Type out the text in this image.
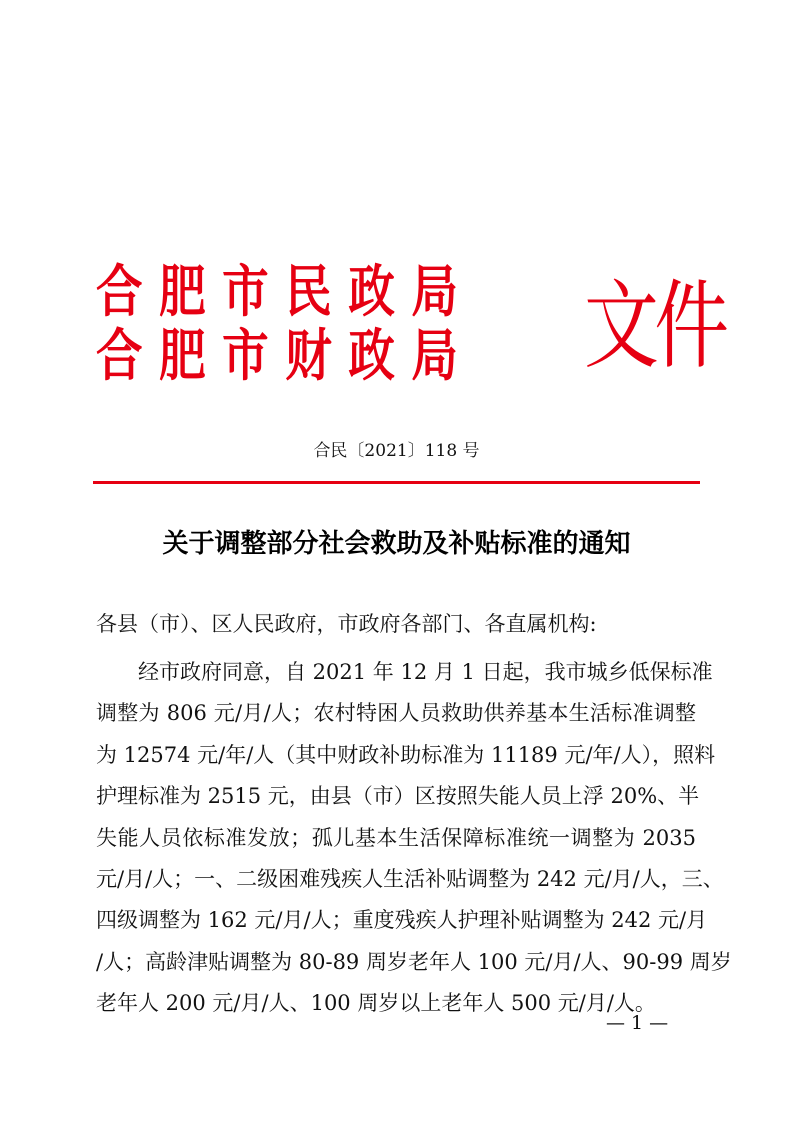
合肥市民政局
合肥市财政局 文件
合民〔2021〕118 号
关于调整部分社会救助及补贴标准的通知
各县（市）、区人民政府，市政府各部门、各直属机构:
经市政府同意，自 2021 年 12 月 1 日起，我市城乡低保标准
调整为 806 元/月/人；农村特困人员救助供养基本生活标准调整
为 12574 元/年/人（其中财政补助标准为 11189 元/年/人），照料
护理标准为 2515 元，由县（市）区按照失能人员上浮 20%、半
失能人员依标准发放；孤儿基本生活保障标准统一调整为 2035
元/月/人；一、二级困难残疾人生活补贴调整为 242 元/月/人，三、
四级调整为 162 元/月/人；重度残疾人护理补贴调整为 242 元/月
/人；高龄津贴调整为 80-89 周岁老年人 100 元/月/人、90-99 周岁
老年人 200 元/月/人、100 周岁以上老年人 500 元/月/人。
— 1 —
